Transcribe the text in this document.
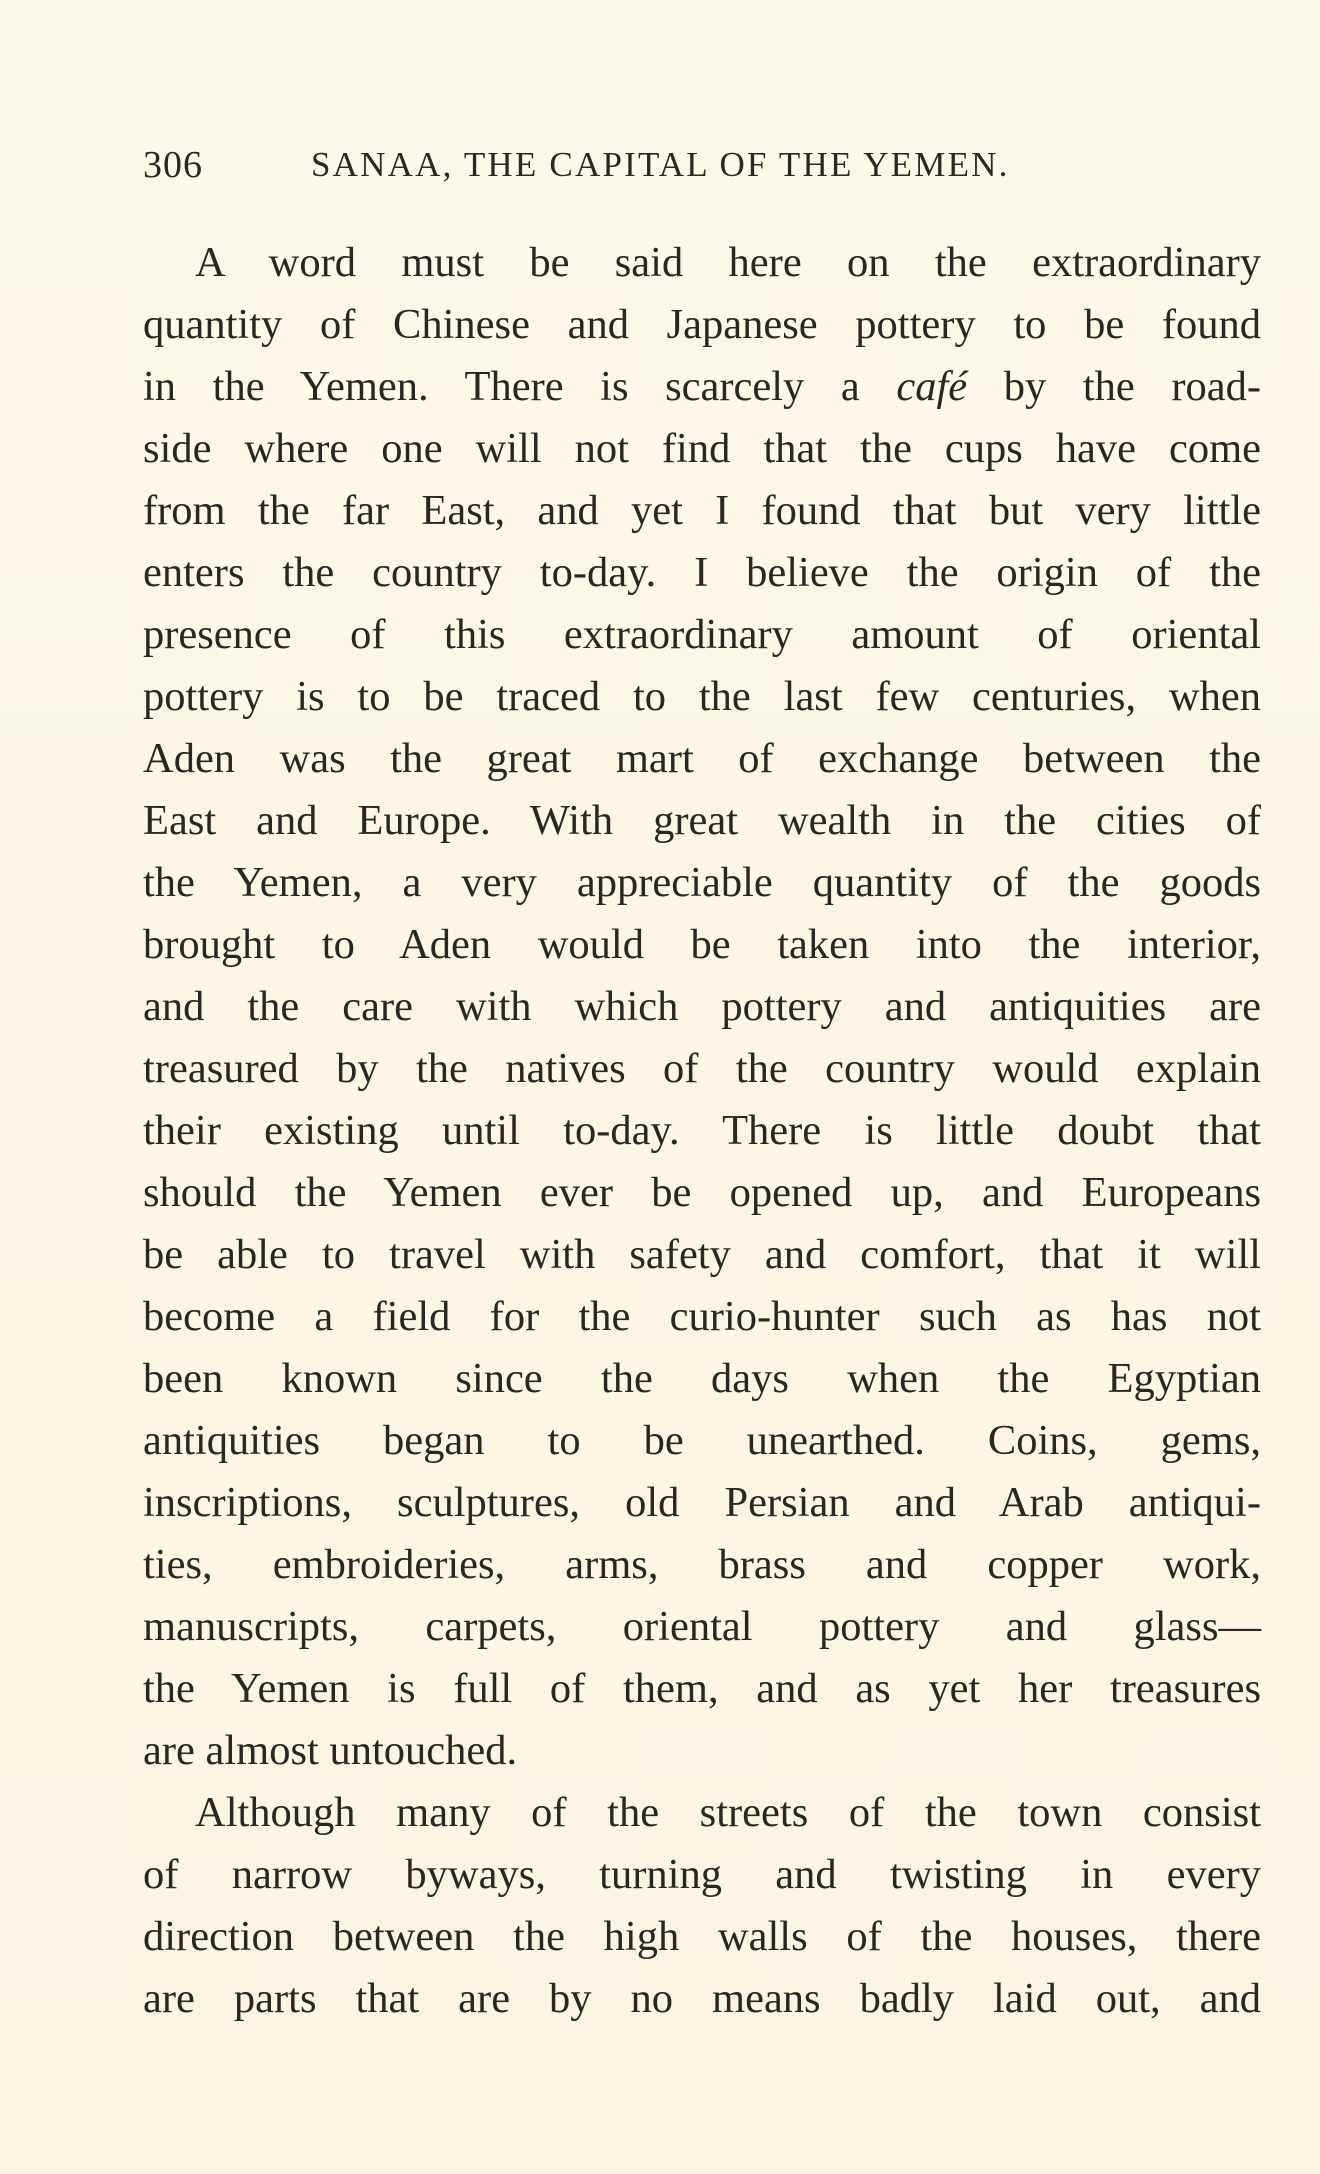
306	SANAA, THE CAPITAL OF THE YEMEN.
A word must be said here on the extraordinary
quantity of Chinese and Japanese pottery to be found
in the Yemen. There is scarcely a café by the road-
side where one will not find that the cups have come
from the far East, and yet I found that but very little
enters the country to-day. I believe the origin of the
presence of this extraordinary amount of oriental
pottery is to be traced to the last few centuries, when
Aden was the great mart of exchange between the
East and Europe. With great wealth in the cities of
the Yemen, a very appreciable quantity of the goods
brought to Aden would be taken into the interior,
and the care with which pottery and antiquities are
treasured by the natives of the country would explain
their existing until to-day. There is little doubt that
should the Yemen ever be opened up, and Europeans
be able to travel with safety and comfort, that it will
become a field for the curio-hunter such as has not
been known since the days when the Egyptian
antiquities began to be unearthed. Coins, gems,
inscriptions, sculptures, old Persian and Arab antiqui-
ties, embroideries, arms, brass and copper work,
manuscripts, carpets, oriental pottery and glass—
the Yemen is full of them, and as yet her treasures
are almost untouched.
Although many of the streets of the town consist
of narrow byways, turning and twisting in every
direction between the high walls of the houses, there
are parts that are by no means badly laid out, and
